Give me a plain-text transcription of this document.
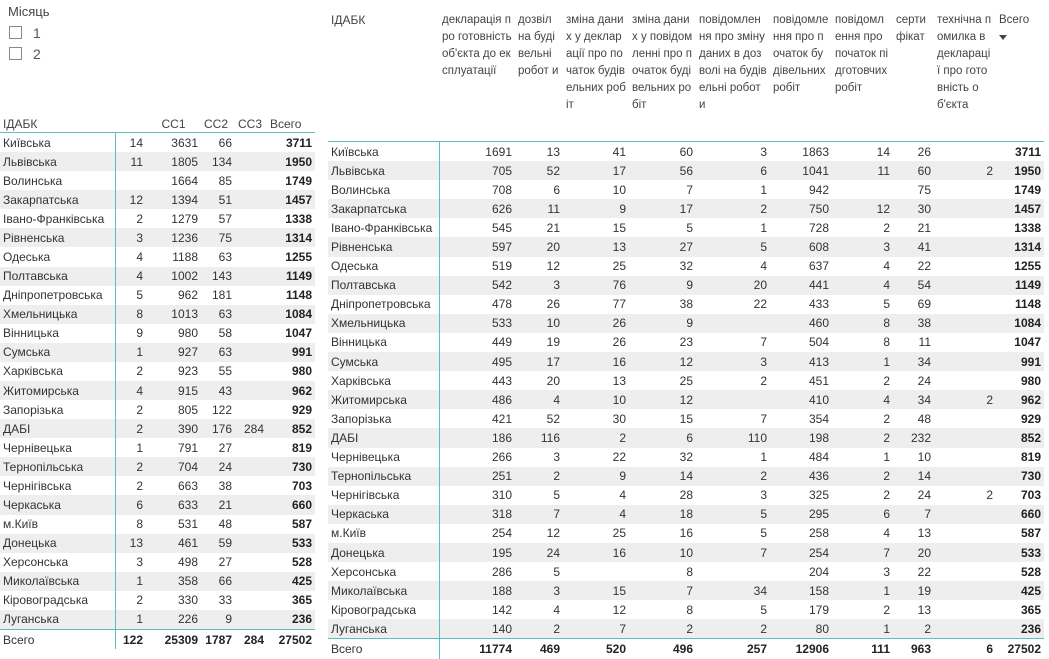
Місяць
1
2
ІДАБК		СС1	СС2	СС3	Всего
Київська	14	3631	66		3711
Львівська	11	1805	134		1950
Волинська		1664	85		1749
Закарпатська	12	1394	51		1457
Івано-Франківська	2	1279	57		1338
Рівненська	3	1236	75		1314
Одеська	4	1188	63		1255
Полтавська	4	1002	143		1149
Дніпропетровська	5	962	181		1148
Хмельницька	8	1013	63		1084
Вінницька	9	980	58		1047
Сумська	1	927	63		991
Харківська	2	923	55		980
Житомирська	4	915	43		962
Запорізька	2	805	122		929
ДАБІ	2	390	176	284	852
Чернівецька	1	791	27		819
Тернопільська	2	704	24		730
Чернігівська	2	663	38		703
Черкаська	6	633	21		660
м.Київ	8	531	48		587
Донецька	13	461	59		533
Херсонська	3	498	27		528
Миколаївська	1	358	66		425
Кіровоградська	2	330	33		365
Луганська	1	226	9		236
Всего	122	25309	1787	284	27502
ІДАБК	декларація про готовність об'єкта до експлуатації	дозвіл на будівельні робот и	зміна даних у декларації про початок будівельних робіт	зміна даних у повідомленні про початок будівельних робіт	повідомлення про зміну даних в дозволі на будівельні роботи	повідомлення про початок будівельних робіт	повідомлення про початок підготовчих робіт	сертифікат	технічна помилка в декларації про готовність об'єкта	Всего

Київська	1691	13	41	60	3	1863	14	26		3711
Львівська	705	52	17	56	6	1041	11	60	2	1950
Волинська	708	6	10	7	1	942		75		1749
Закарпатська	626	11	9	17	2	750	12	30		1457
Івано-Франківська	545	21	15	5	1	728	2	21		1338
Рівненська	597	20	13	27	5	608	3	41		1314
Одеська	519	12	25	32	4	637	4	22		1255
Полтавська	542	3	76	9	20	441	4	54		1149
Дніпропетровська	478	26	77	38	22	433	5	69		1148
Хмельницька	533	10	26	9		460	8	38		1084
Вінницька	449	19	26	23	7	504	8	11		1047
Сумська	495	17	16	12	3	413	1	34		991
Харківська	443	20	13	25	2	451	2	24		980
Житомирська	486	4	10	12		410	4	34	2	962
Запорізька	421	52	30	15	7	354	2	48		929
ДАБІ	186	116	2	6	110	198	2	232		852
Чернівецька	266	3	22	32	1	484	1	10		819
Тернопільська	251	2	9	14	2	436	2	14		730
Чернігівська	310	5	4	28	3	325	2	24	2	703
Черкаська	318	7	4	18	5	295	6	7		660
м.Київ	254	12	25	16	5	258	4	13		587
Донецька	195	24	16	10	7	254	7	20		533
Херсонська	286	5		8		204	3	22		528
Миколаївська	188	3	15	7	34	158	1	19		425
Кіровоградська	142	4	12	8	5	179	2	13		365
Луганська	140	2	7	2	2	80	1	2		236
Всего	11774	469	520	496	257	12906	111	963	6	27502
